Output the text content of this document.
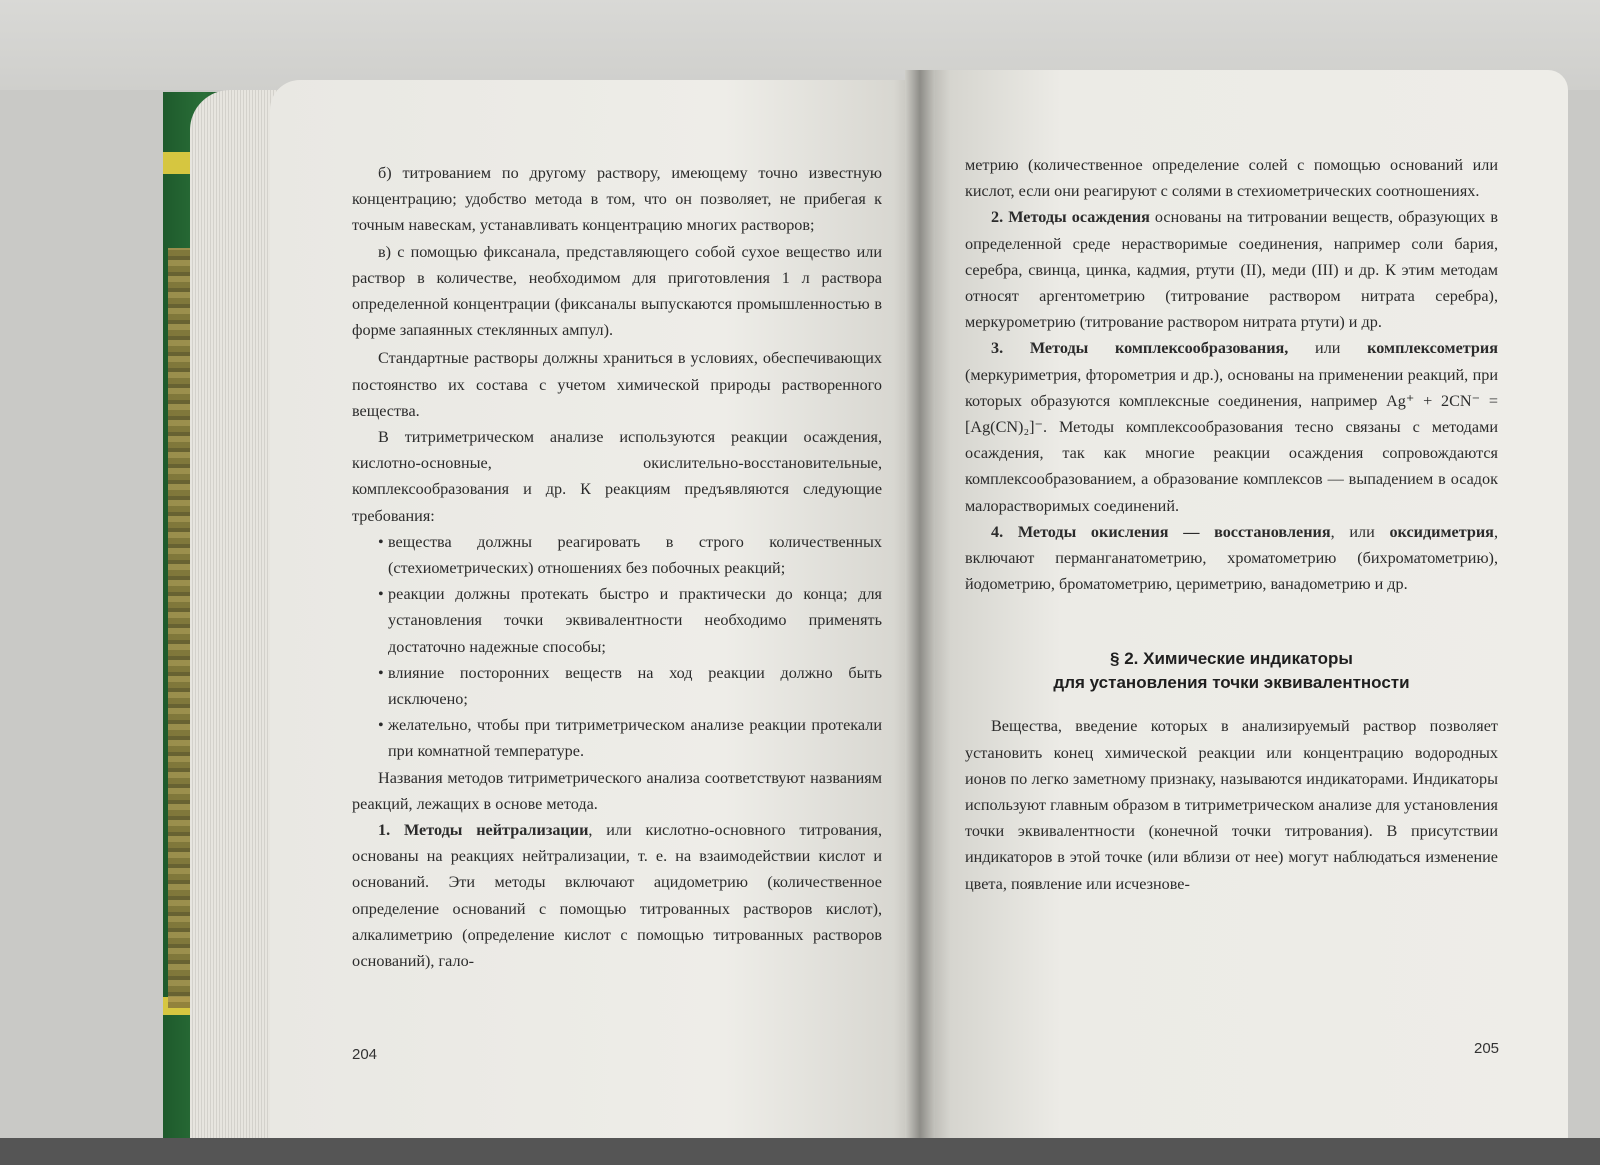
б) титрованием по другому раствору, имеющему точно известную концентрацию; удобство метода в том, что он позволяет, не прибегая к точным навескам, устанавливать концентрацию многих растворов;

в) с помощью фиксанала, представляющего собой сухое вещество или раствор в количестве, необходимом для приготовления 1 л раствора определенной концентрации (фиксаналы выпускаются промышленностью в форме запаянных стеклянных ампул).

Стандартные растворы должны храниться в условиях, обеспечивающих постоянство их состава с учетом химической природы растворенного вещества.

В титриметрическом анализе используются реакции осаждения, кислотно-основные, окислительно-восстановительные, комплексообразования и др. К реакциям предъявляются следующие требования:

• вещества должны реагировать в строго количественных (стехиометрических) отношениях без побочных реакций;

• реакции должны протекать быстро и практически до конца; для установления точки эквивалентности необходимо применять достаточно надежные способы;

• влияние посторонних веществ на ход реакции должно быть исключено;

• желательно, чтобы при титриметрическом анализе реакции протекали при комнатной температуре.

Названия методов титриметрического анализа соответствуют названиям реакций, лежащих в основе метода.

1. Методы нейтрализации, или кислотно-основного титрования, основаны на реакциях нейтрализации, т. е. на взаимодействии кислот и оснований. Эти методы включают ацидометрию (количественное определение оснований с помощью титрованных растворов кислот), алкалиметрию (определение кислот с помощью титрованных растворов оснований), гало-

204

метрию (количественное определение солей с помощью оснований или кислот, если они реагируют с солями в стехиометрических соотношениях.

2. Методы осаждения основаны на титровании веществ, образующих в определенной среде нерастворимые соединения, например соли бария, серебра, свинца, цинка, кадмия, ртути (II), меди (III) и др. К этим методам относят аргентометрию (титрование раствором нитрата серебра), меркурометрию (титрование раствором нитрата ртути) и др.

3. Методы комплексообразования, или комплексометрия (меркуриметрия, фторометрия и др.), основаны на применении реакций, при которых образуются комплексные соединения, например Ag⁺ + 2CN⁻ = [Ag(CN)₂]⁻. Методы комплексообразования тесно связаны с методами осаждения, так как многие реакции осаждения сопровождаются комплексообразованием, а образование комплексов — выпадением в осадок малорастворимых соединений.

4. Методы окисления — восстановления, или оксидиметрия, включают перманганатометрию, хроматометрию (бихроматометрию), йодометрию, броматометрию, цериметрию, ванадометрию и др.

§ 2. Химические индикаторы
для установления точки эквивалентности

Вещества, введение которых в анализируемый раствор позволяет установить конец химической реакции или концентрацию водородных ионов по легко заметному признаку, называются индикаторами. Индикаторы используют главным образом в титриметрическом анализе для установления точки эквивалентности (конечной точки титрования). В присутствии индикаторов в этой точке (или вблизи от нее) могут наблюдаться изменение цвета, появление или исчезнове-

205
